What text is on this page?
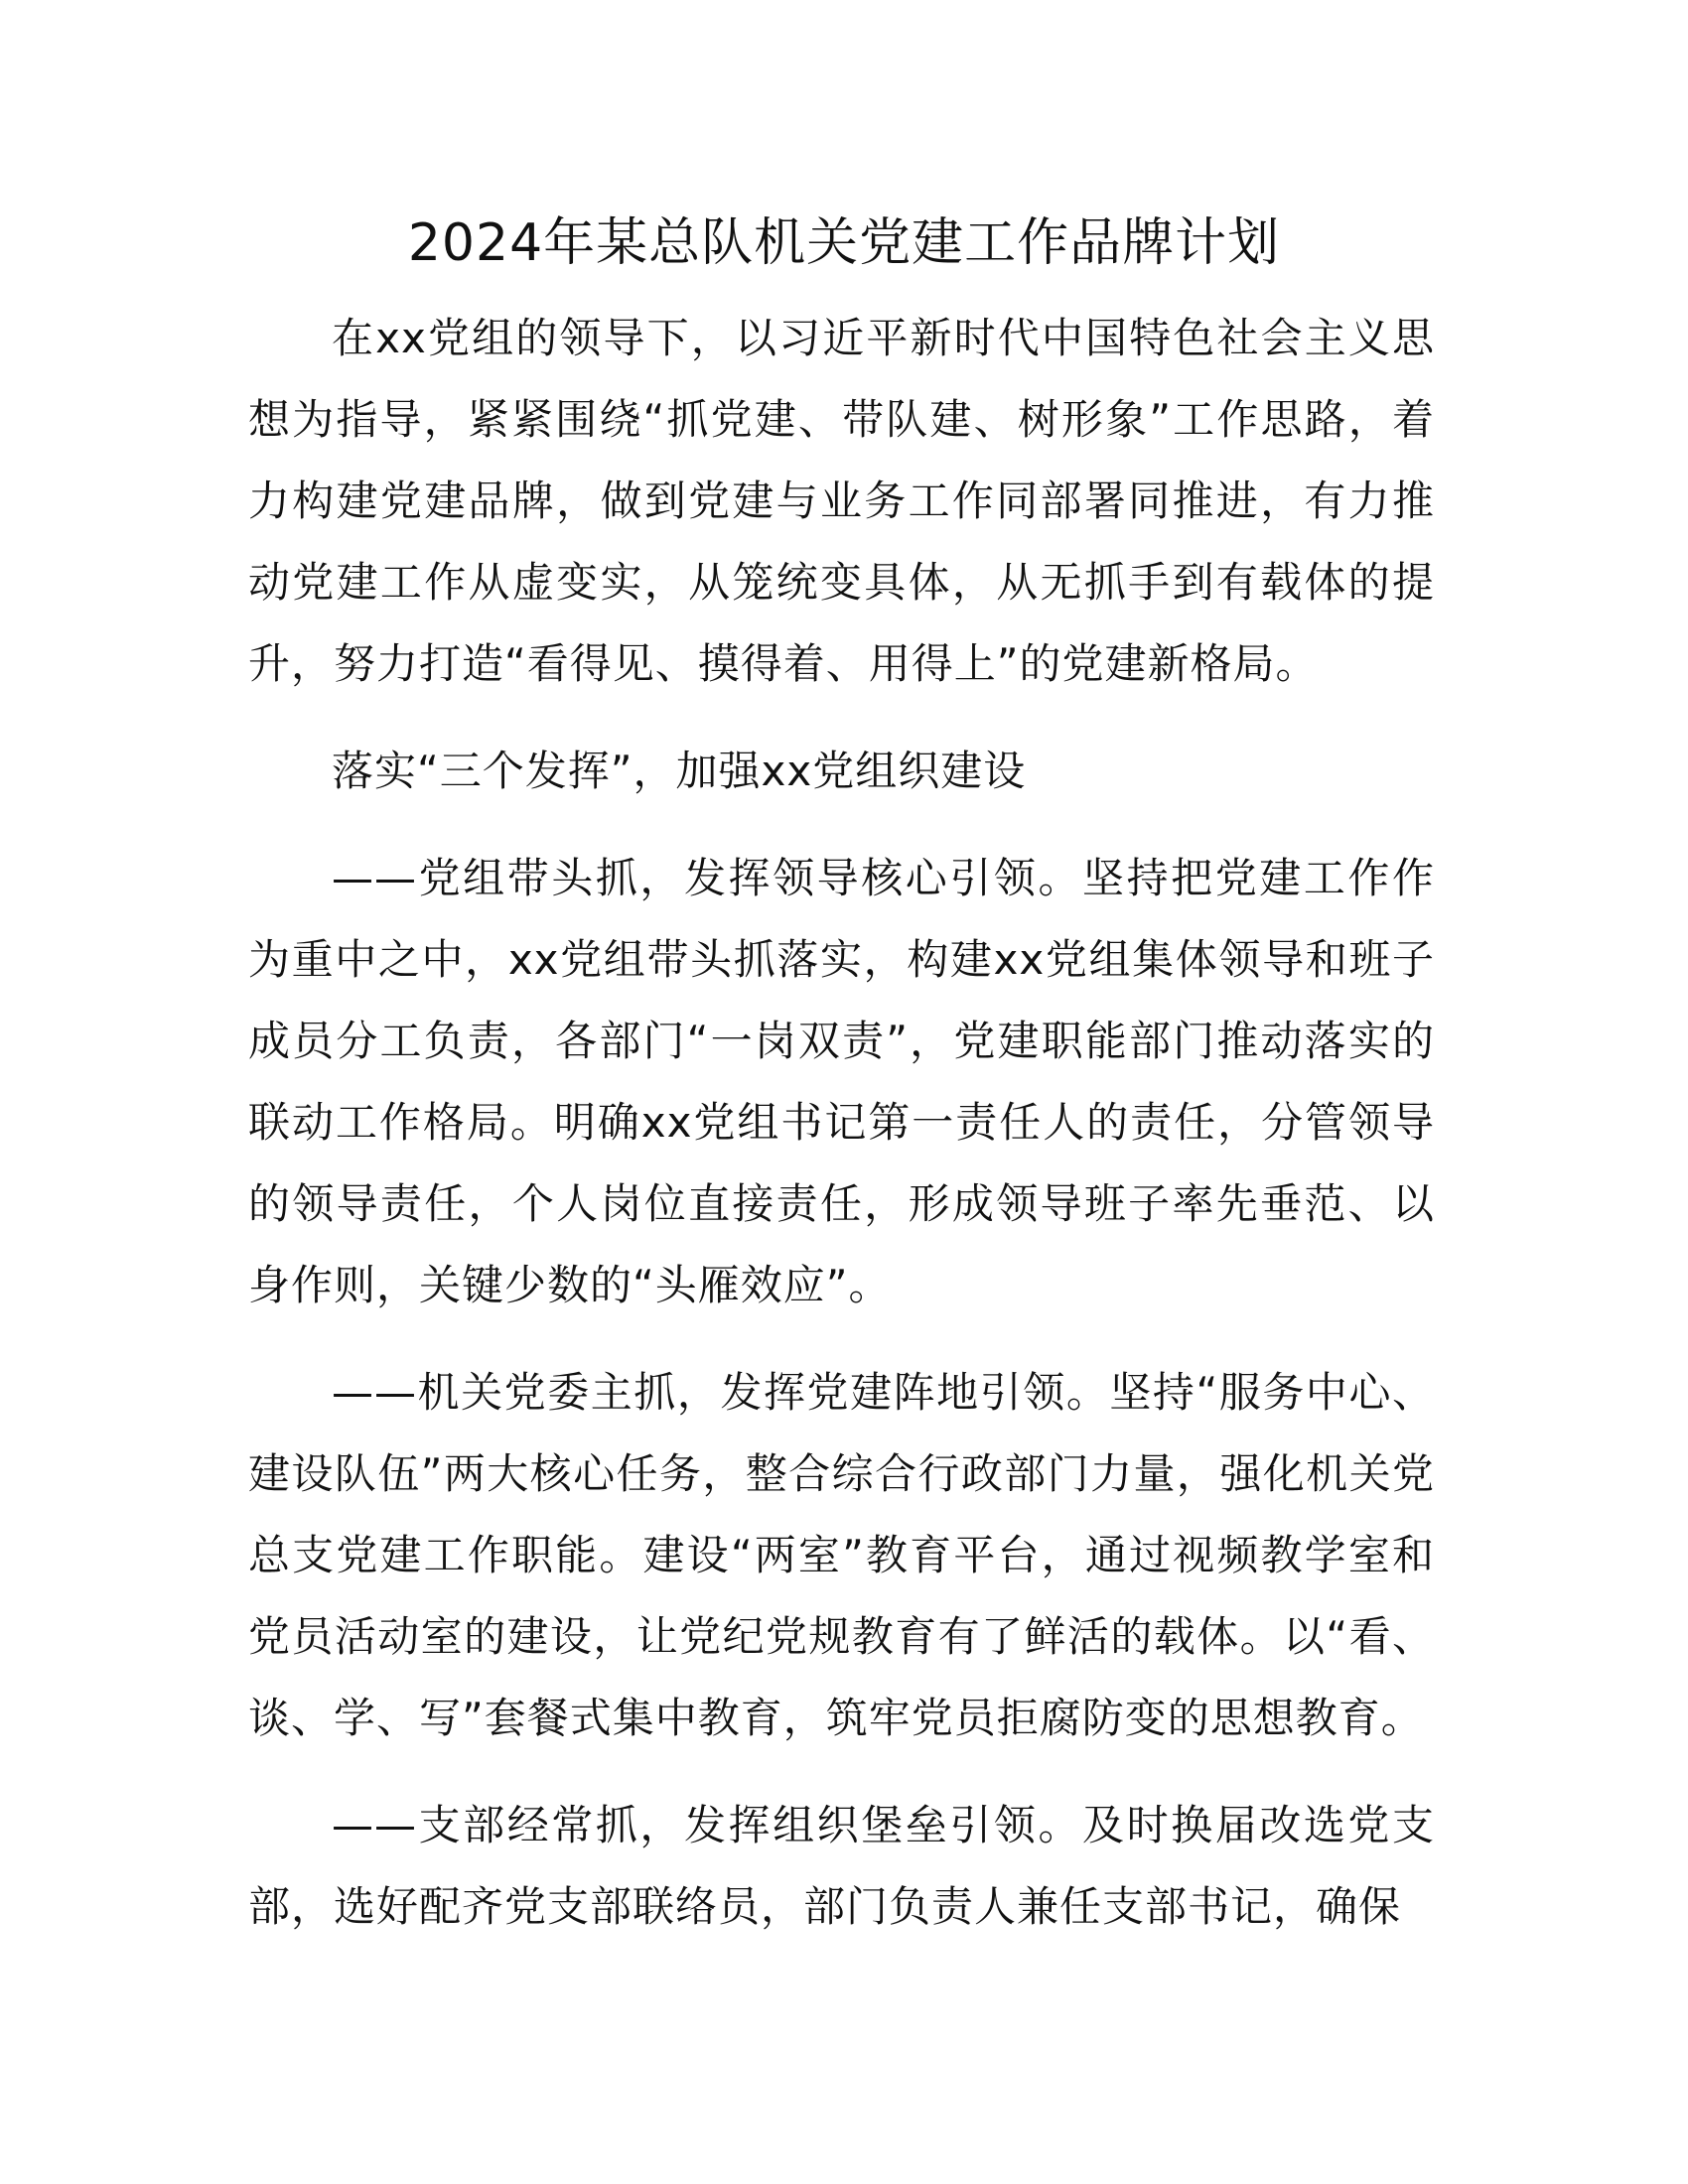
2024年某总队机关党建工作品牌计划

在xx党组的领导下，以习近平新时代中国特色社会主义思想为指导，紧紧围绕“抓党建、带队建、树形象”工作思路，着力构建党建品牌，做到党建与业务工作同部署同推进，有力推动党建工作从虚变实，从笼统变具体，从无抓手到有载体的提升，努力打造“看得见、摸得着、用得上”的党建新格局。

落实“三个发挥”，加强xx党组织建设

——党组带头抓，发挥领导核心引领。坚持把党建工作作为重中之中，xx党组带头抓落实，构建xx党组集体领导和班子成员分工负责，各部门“一岗双责”，党建职能部门推动落实的联动工作格局。明确xx党组书记第一责任人的责任，分管领导的领导责任，个人岗位直接责任，形成领导班子率先垂范、以身作则，关键少数的“头雁效应”。

——机关党委主抓，发挥党建阵地引领。坚持“服务中心、建设队伍”两大核心任务，整合综合行政部门力量，强化机关党总支党建工作职能。建设“两室”教育平台，通过视频教学室和党员活动室的建设，让党纪党规教育有了鲜活的载体。以“看、谈、学、写”套餐式集中教育，筑牢党员拒腐防变的思想教育。

——支部经常抓，发挥组织堡垒引领。及时换届改选党支部，选好配齐党支部联络员，部门负责人兼任支部书记，确保
